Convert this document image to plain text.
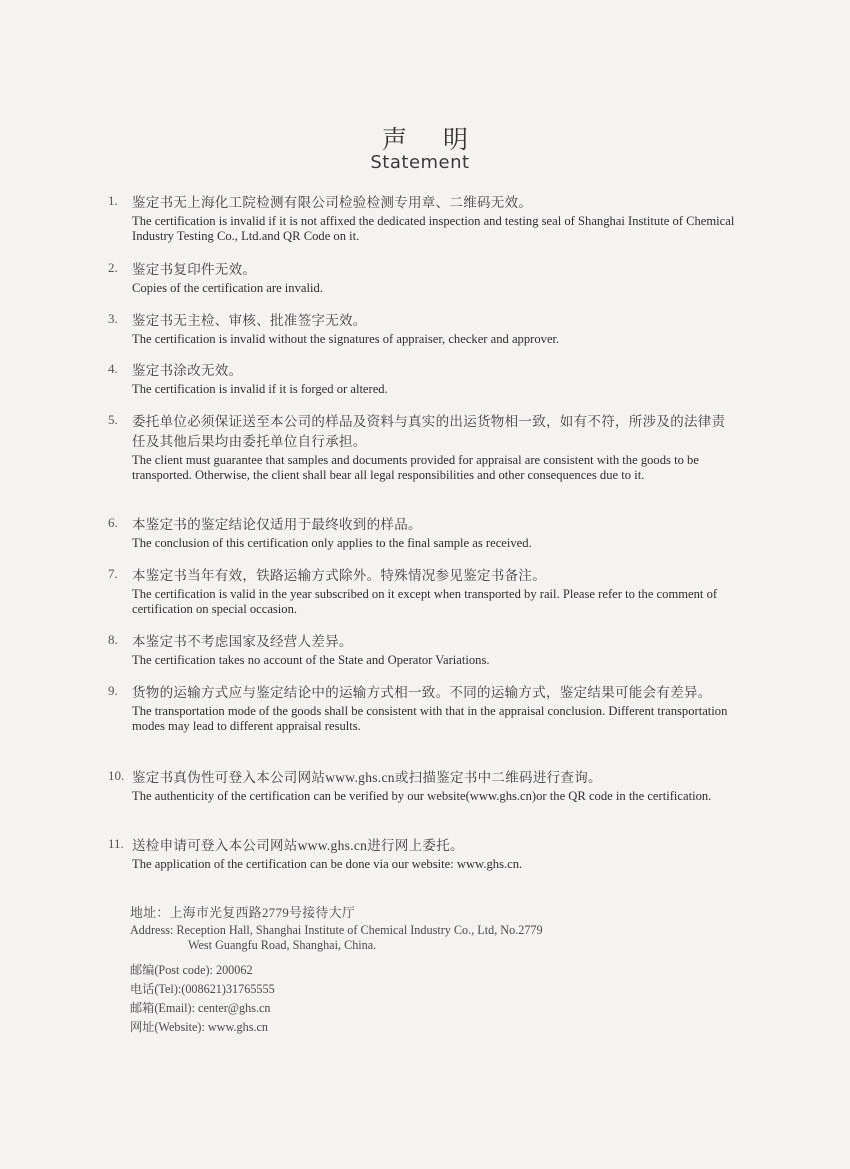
声明
Statement
1. 鉴定书无上海化工院检测有限公司检验检测专用章、二维码无效。
The certification is invalid if it is not affixed the dedicated inspection and testing seal of Shanghai Institute of Chemical Industry Testing Co., Ltd.and QR Code on it.
2. 鉴定书复印件无效。
Copies of the certification are invalid.
3. 鉴定书无主检、审核、批准签字无效。
The certification is invalid without the signatures of appraiser, checker and approver.
4. 鉴定书涂改无效。
The certification is invalid if it is forged or altered.
5. 委托单位必须保证送至本公司的样品及资料与真实的出运货物相一致，如有不符，所涉及的法律责任及其他后果均由委托单位自行承担。
The client must guarantee that samples and documents provided for appraisal are consistent with the goods to be transported. Otherwise, the client shall bear all legal responsibilities and other consequences due to it.
6. 本鉴定书的鉴定结论仅适用于最终收到的样品。
The conclusion of this certification only applies to the final sample as received.
7. 本鉴定书当年有效，铁路运输方式除外。特殊情况参见鉴定书备注。
The certification is valid in the year subscribed on it except when transported by rail. Please refer to the comment of certification on special occasion.
8. 本鉴定书不考虑国家及经营人差异。
The certification takes no account of the State and Operator Variations.
9. 货物的运输方式应与鉴定结论中的运输方式相一致。不同的运输方式，鉴定结果可能会有差异。
The transportation mode of the goods shall be consistent with that in the appraisal conclusion. Different transportation modes may lead to different appraisal results.
10. 鉴定书真伪性可登入本公司网站www.ghs.cn或扫描鉴定书中二维码进行查询。
The authenticity of the certification can be verified by our website(www.ghs.cn)or the QR code in the certification.
11. 送检申请可登入本公司网站www.ghs.cn进行网上委托。
The application of the certification can be done via our website: www.ghs.cn.
地址：上海市光复西路2779号接待大厅
Address: Reception Hall, Shanghai Institute of Chemical Industry Co., Ltd, No.2779
West Guangfu Road, Shanghai, China.
邮编(Post code): 200062
电话(Tel):(008621)31765555
邮箱(Email): center@ghs.cn
网址(Website): www.ghs.cn
